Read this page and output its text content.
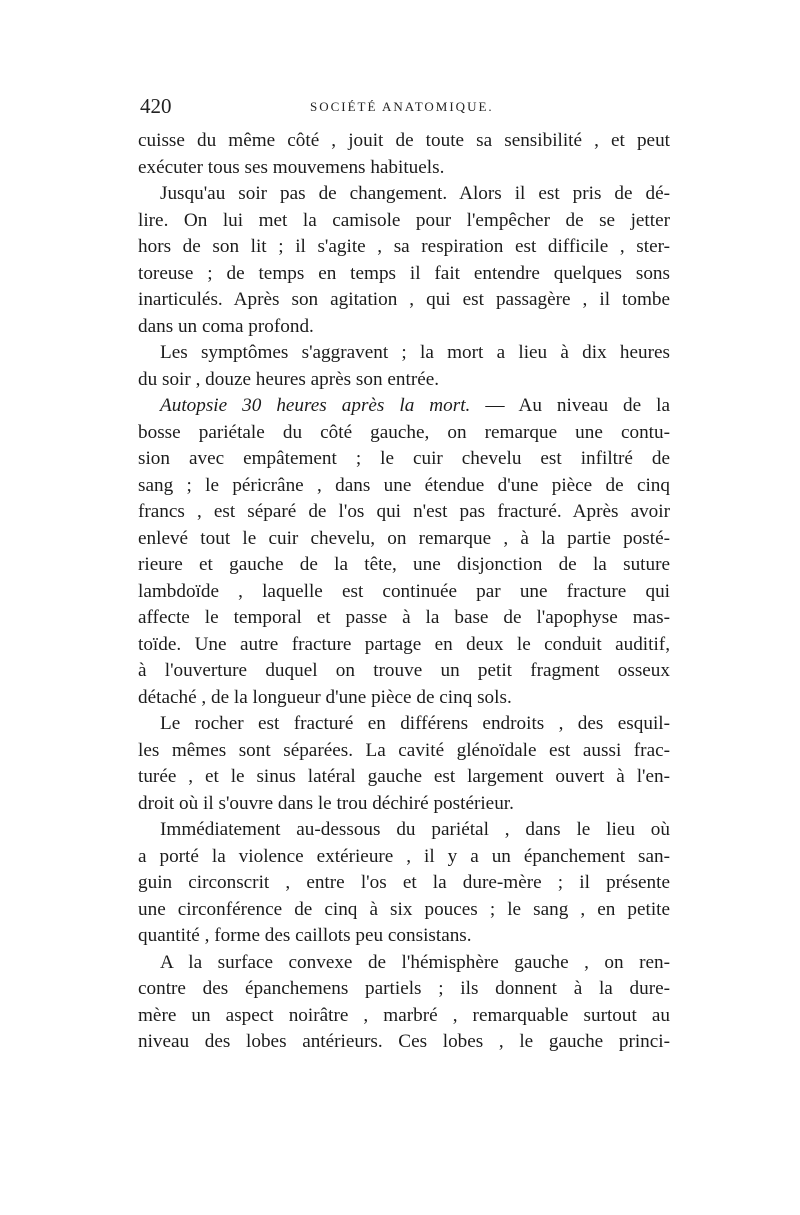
420	SOCIÉTÉ ANATOMIQUE.
cuisse du même côté , jouit de toute sa sensibilité , et peut
exécuter tous ses mouvemens habituels.
Jusqu'au soir pas de changement. Alors il est pris de dé-
lire. On lui met la camisole pour l'empêcher de se jetter
hors de son lit ; il s'agite , sa respiration est difficile , ster-
toreuse ; de temps en temps il fait entendre quelques sons
inarticulés. Après son agitation , qui est passagère , il tombe
dans un coma profond.
Les symptômes s'aggravent ; la mort a lieu à dix heures
du soir , douze heures après son entrée.
Autopsie 30 heures après la mort. — Au niveau de la
bosse pariétale du côté gauche, on remarque une contu-
sion avec empâtement ; le cuir chevelu est infiltré de
sang ; le péricrâne , dans une étendue d'une pièce de cinq
francs , est séparé de l'os qui n'est pas fracturé. Après avoir
enlevé tout le cuir chevelu, on remarque , à la partie posté-
rieure et gauche de la tête, une disjonction de la suture
lambdoïde , laquelle est continuée par une fracture qui
affecte le temporal et passe à la base de l'apophyse mas-
toïde. Une autre fracture partage en deux le conduit auditif,
à l'ouverture duquel on trouve un petit fragment osseux
détaché , de la longueur d'une pièce de cinq sols.
Le rocher est fracturé en différens endroits , des esquil-
les mêmes sont séparées. La cavité glénoïdale est aussi frac-
turée , et le sinus latéral gauche est largement ouvert à l'en-
droit où il s'ouvre dans le trou déchiré postérieur.
Immédiatement au-dessous du pariétal , dans le lieu où
a porté la violence extérieure , il y a un épanchement san-
guin circonscrit , entre l'os et la dure-mère ; il présente
une circonférence de cinq à six pouces ; le sang , en petite
quantité , forme des caillots peu consistans.
A la surface convexe de l'hémisphère gauche , on ren-
contre des épanchemens partiels ; ils donnent à la dure-
mère un aspect noirâtre , marbré , remarquable surtout au
niveau des lobes antérieurs. Ces lobes , le gauche princi-
